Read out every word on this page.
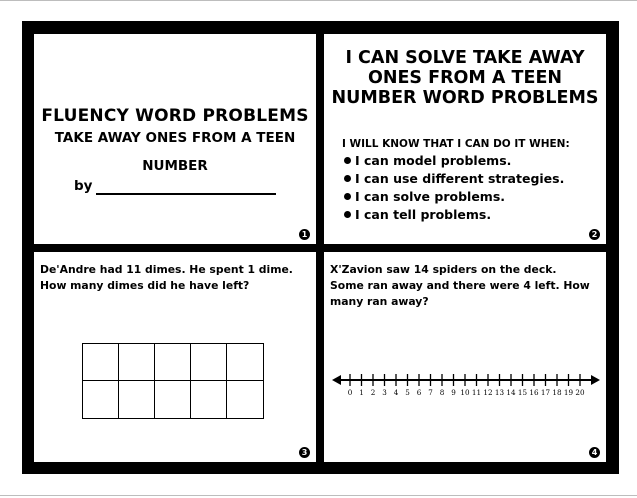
FLUENCY WORD PROBLEMS
TAKE AWAY ONES FROM A TEEN
NUMBER
by
1
I CAN SOLVE TAKE AWAY
ONES FROM A TEEN
NUMBER WORD PROBLEMS
I WILL KNOW THAT I CAN DO IT WHEN:
I can model problems.
I can use different strategies.
I can solve problems.
I can tell problems.
2
De'Andre had 11 dimes. He spent 1 dime.
How many dimes did he have left?
3
X'Zavion saw 14 spiders on the deck.
Some ran away and there were 4 left. How
many ran away?
0 1 2 3 4 5 6 7 8 9 10 11 12 13 14 15 16 17 18 19 20
4
